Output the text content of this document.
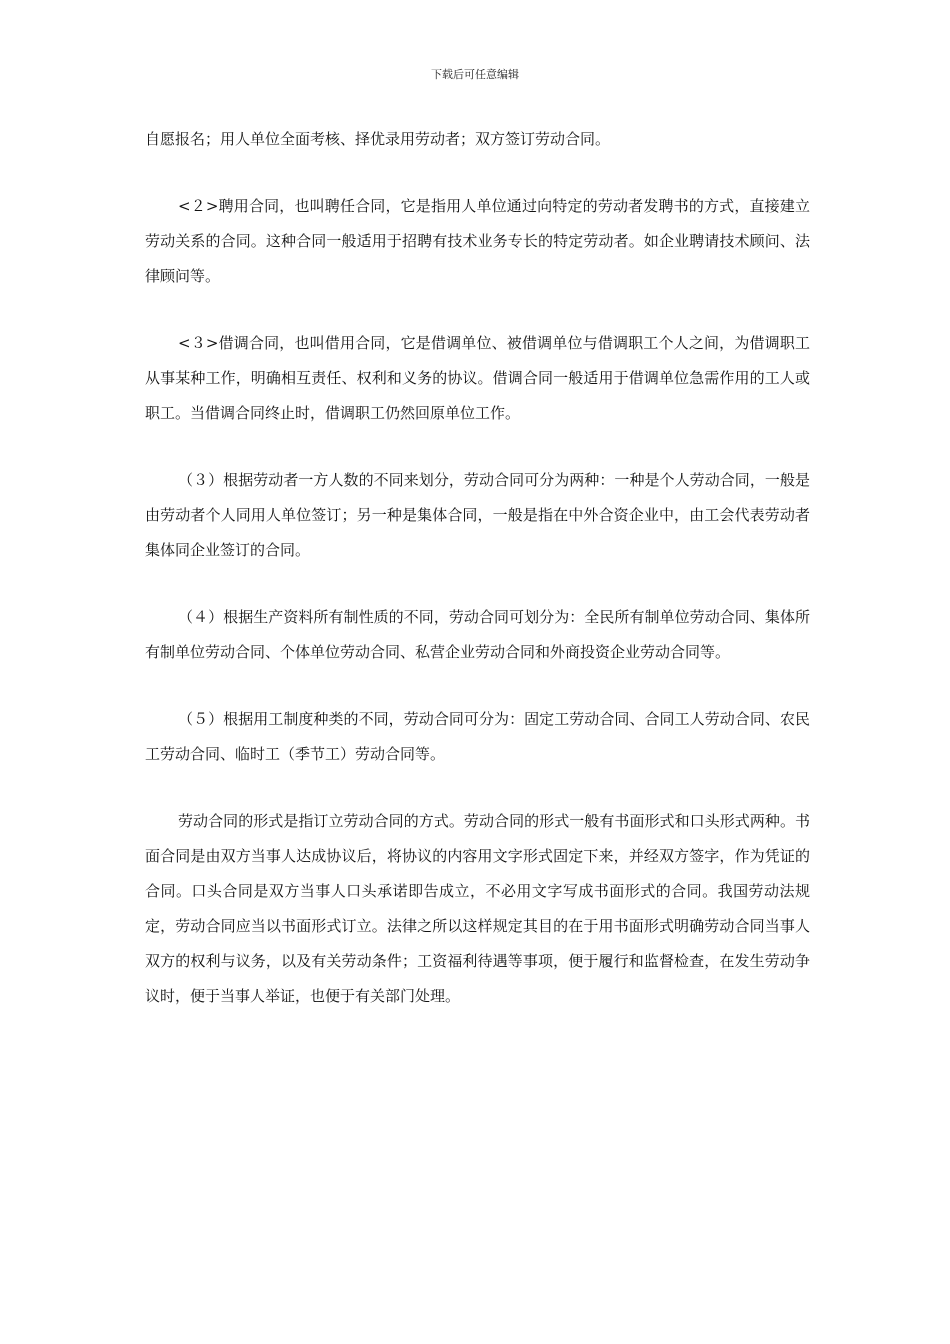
下载后可任意编辑

自愿报名；用人单位全面考核、择优录用劳动者；双方签订劳动合同。

<２>聘用合同，也叫聘任合同，它是指用人单位通过向特定的劳动者发聘书的方式，直接建立劳动关系的合同。这种合同一般适用于招聘有技术业务专长的特定劳动者。如企业聘请技术顾问、法律顾问等。

<３>借调合同，也叫借用合同，它是借调单位、被借调单位与借调职工个人之间，为借调职工从事某种工作，明确相互责任、权利和义务的协议。借调合同一般适用于借调单位急需作用的工人或职工。当借调合同终止时，借调职工仍然回原单位工作。

（３）根据劳动者一方人数的不同来划分，劳动合同可分为两种：一种是个人劳动合同，一般是由劳动者个人同用人单位签订；另一种是集体合同，一般是指在中外合资企业中，由工会代表劳动者集体同企业签订的合同。

（４）根据生产资料所有制性质的不同，劳动合同可划分为：全民所有制单位劳动合同、集体所有制单位劳动合同、个体单位劳动合同、私营企业劳动合同和外商投资企业劳动合同等。

（５）根据用工制度种类的不同，劳动合同可分为：固定工劳动合同、合同工人劳动合同、农民工劳动合同、临时工（季节工）劳动合同等。

劳动合同的形式是指订立劳动合同的方式。劳动合同的形式一般有书面形式和口头形式两种。书面合同是由双方当事人达成协议后，将协议的内容用文字形式固定下来，并经双方签字，作为凭证的合同。口头合同是双方当事人口头承诺即告成立，不必用文字写成书面形式的合同。我国劳动法规定，劳动合同应当以书面形式订立。法律之所以这样规定其目的在于用书面形式明确劳动合同当事人双方的权利与议务，以及有关劳动条件；工资福利待遇等事项，便于履行和监督检查，在发生劳动争议时，便于当事人举证，也便于有关部门处理。
